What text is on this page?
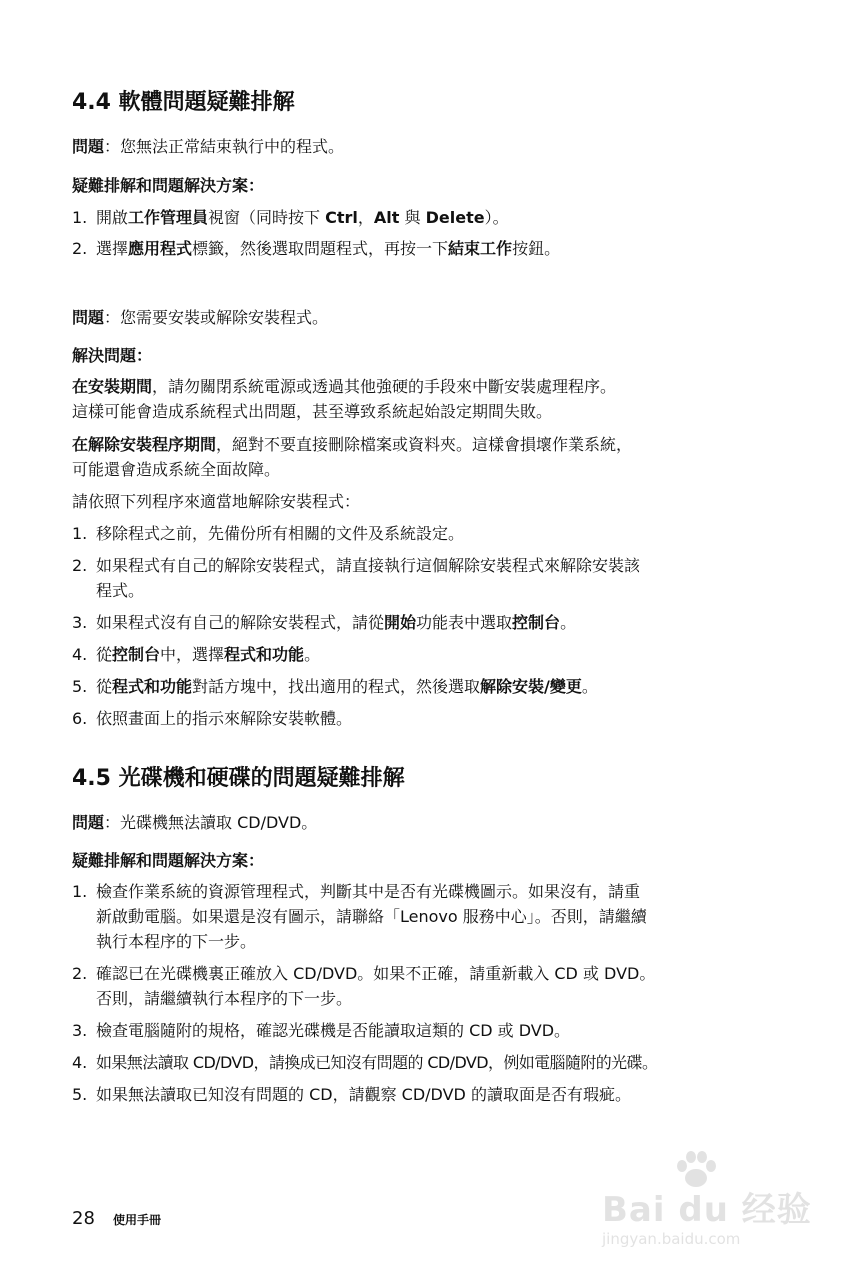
4.4 軟體問題疑難排解

問題：您無法正常結束執行中的程式。

疑難排解和問題解決方案：

1. 開啟工作管理員視窗（同時按下 Ctrl，Alt 與 Delete）。

2. 選擇應用程式標籤，然後選取問題程式，再按一下結束工作按鈕。

問題：您需要安裝或解除安裝程式。

解決問題：

在安裝期間，請勿關閉系統電源或透過其他強硬的手段來中斷安裝處理程序。

這樣可能會造成系統程式出問題，甚至導致系統起始設定期間失敗。

在解除安裝程序期間，絕對不要直接刪除檔案或資料夾。這樣會損壞作業系統，

可能還會造成系統全面故障。

請依照下列程序來適當地解除安裝程式：

1. 移除程式之前，先備份所有相關的文件及系統設定。

2. 如果程式有自己的解除安裝程式，請直接執行這個解除安裝程式來解除安裝該

程式。

3. 如果程式沒有自己的解除安裝程式，請從開始功能表中選取控制台。

4. 從控制台中，選擇程式和功能。

5. 從程式和功能對話方塊中，找出適用的程式，然後選取解除安裝/變更。

6. 依照畫面上的指示來解除安裝軟體。

4.5 光碟機和硬碟的問題疑難排解

問題：光碟機無法讀取 CD/DVD。

疑難排解和問題解決方案：

1. 檢查作業系統的資源管理程式，判斷其中是否有光碟機圖示。如果沒有，請重

新啟動電腦。如果還是沒有圖示，請聯絡「Lenovo 服務中心」。否則，請繼續

執行本程序的下一步。

2. 確認已在光碟機裏正確放入 CD/DVD。如果不正確，請重新載入 CD 或 DVD。

否則，請繼續執行本程序的下一步。

3. 檢查電腦隨附的規格，確認光碟機是否能讀取這類的 CD 或 DVD。

4. 如果無法讀取 CD/DVD，請換成已知沒有問題的 CD/DVD，例如電腦隨附的光碟。

5. 如果無法讀取已知沒有問題的 CD，請觀察 CD/DVD 的讀取面是否有瑕疵。

28 使用手冊	Bai du 经验
jingyan.baidu.com
